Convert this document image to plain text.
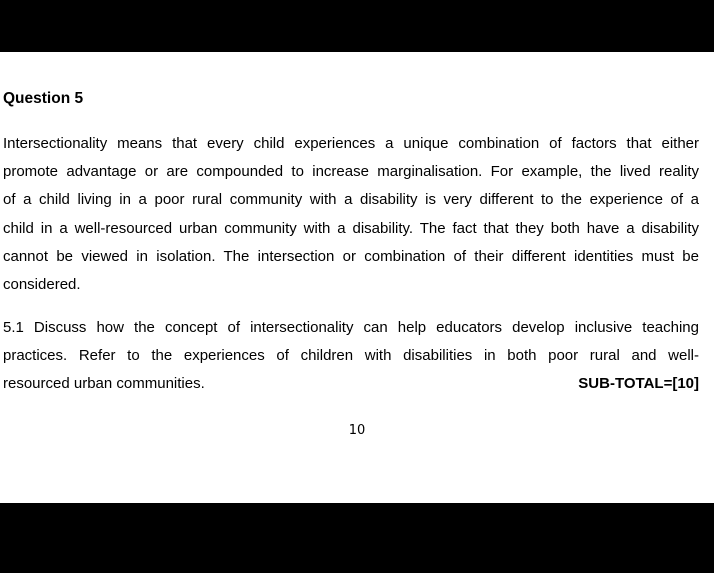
Question 5
Intersectionality means that every child experiences a unique combination of factors that either
promote advantage or are compounded to increase marginalisation. For example, the lived reality
of a child living in a poor rural community with a disability is very different to the experience of a
child in a well-resourced urban community with a disability. The fact that they both have a disability
cannot be viewed in isolation. The intersection or combination of their different identities must be
considered.
5.1 Discuss how the concept of intersectionality can help educators develop inclusive teaching
practices. Refer to the experiences of children with disabilities in both poor rural and well-
resourced urban communities.	SUB-TOTAL=[10]
10
